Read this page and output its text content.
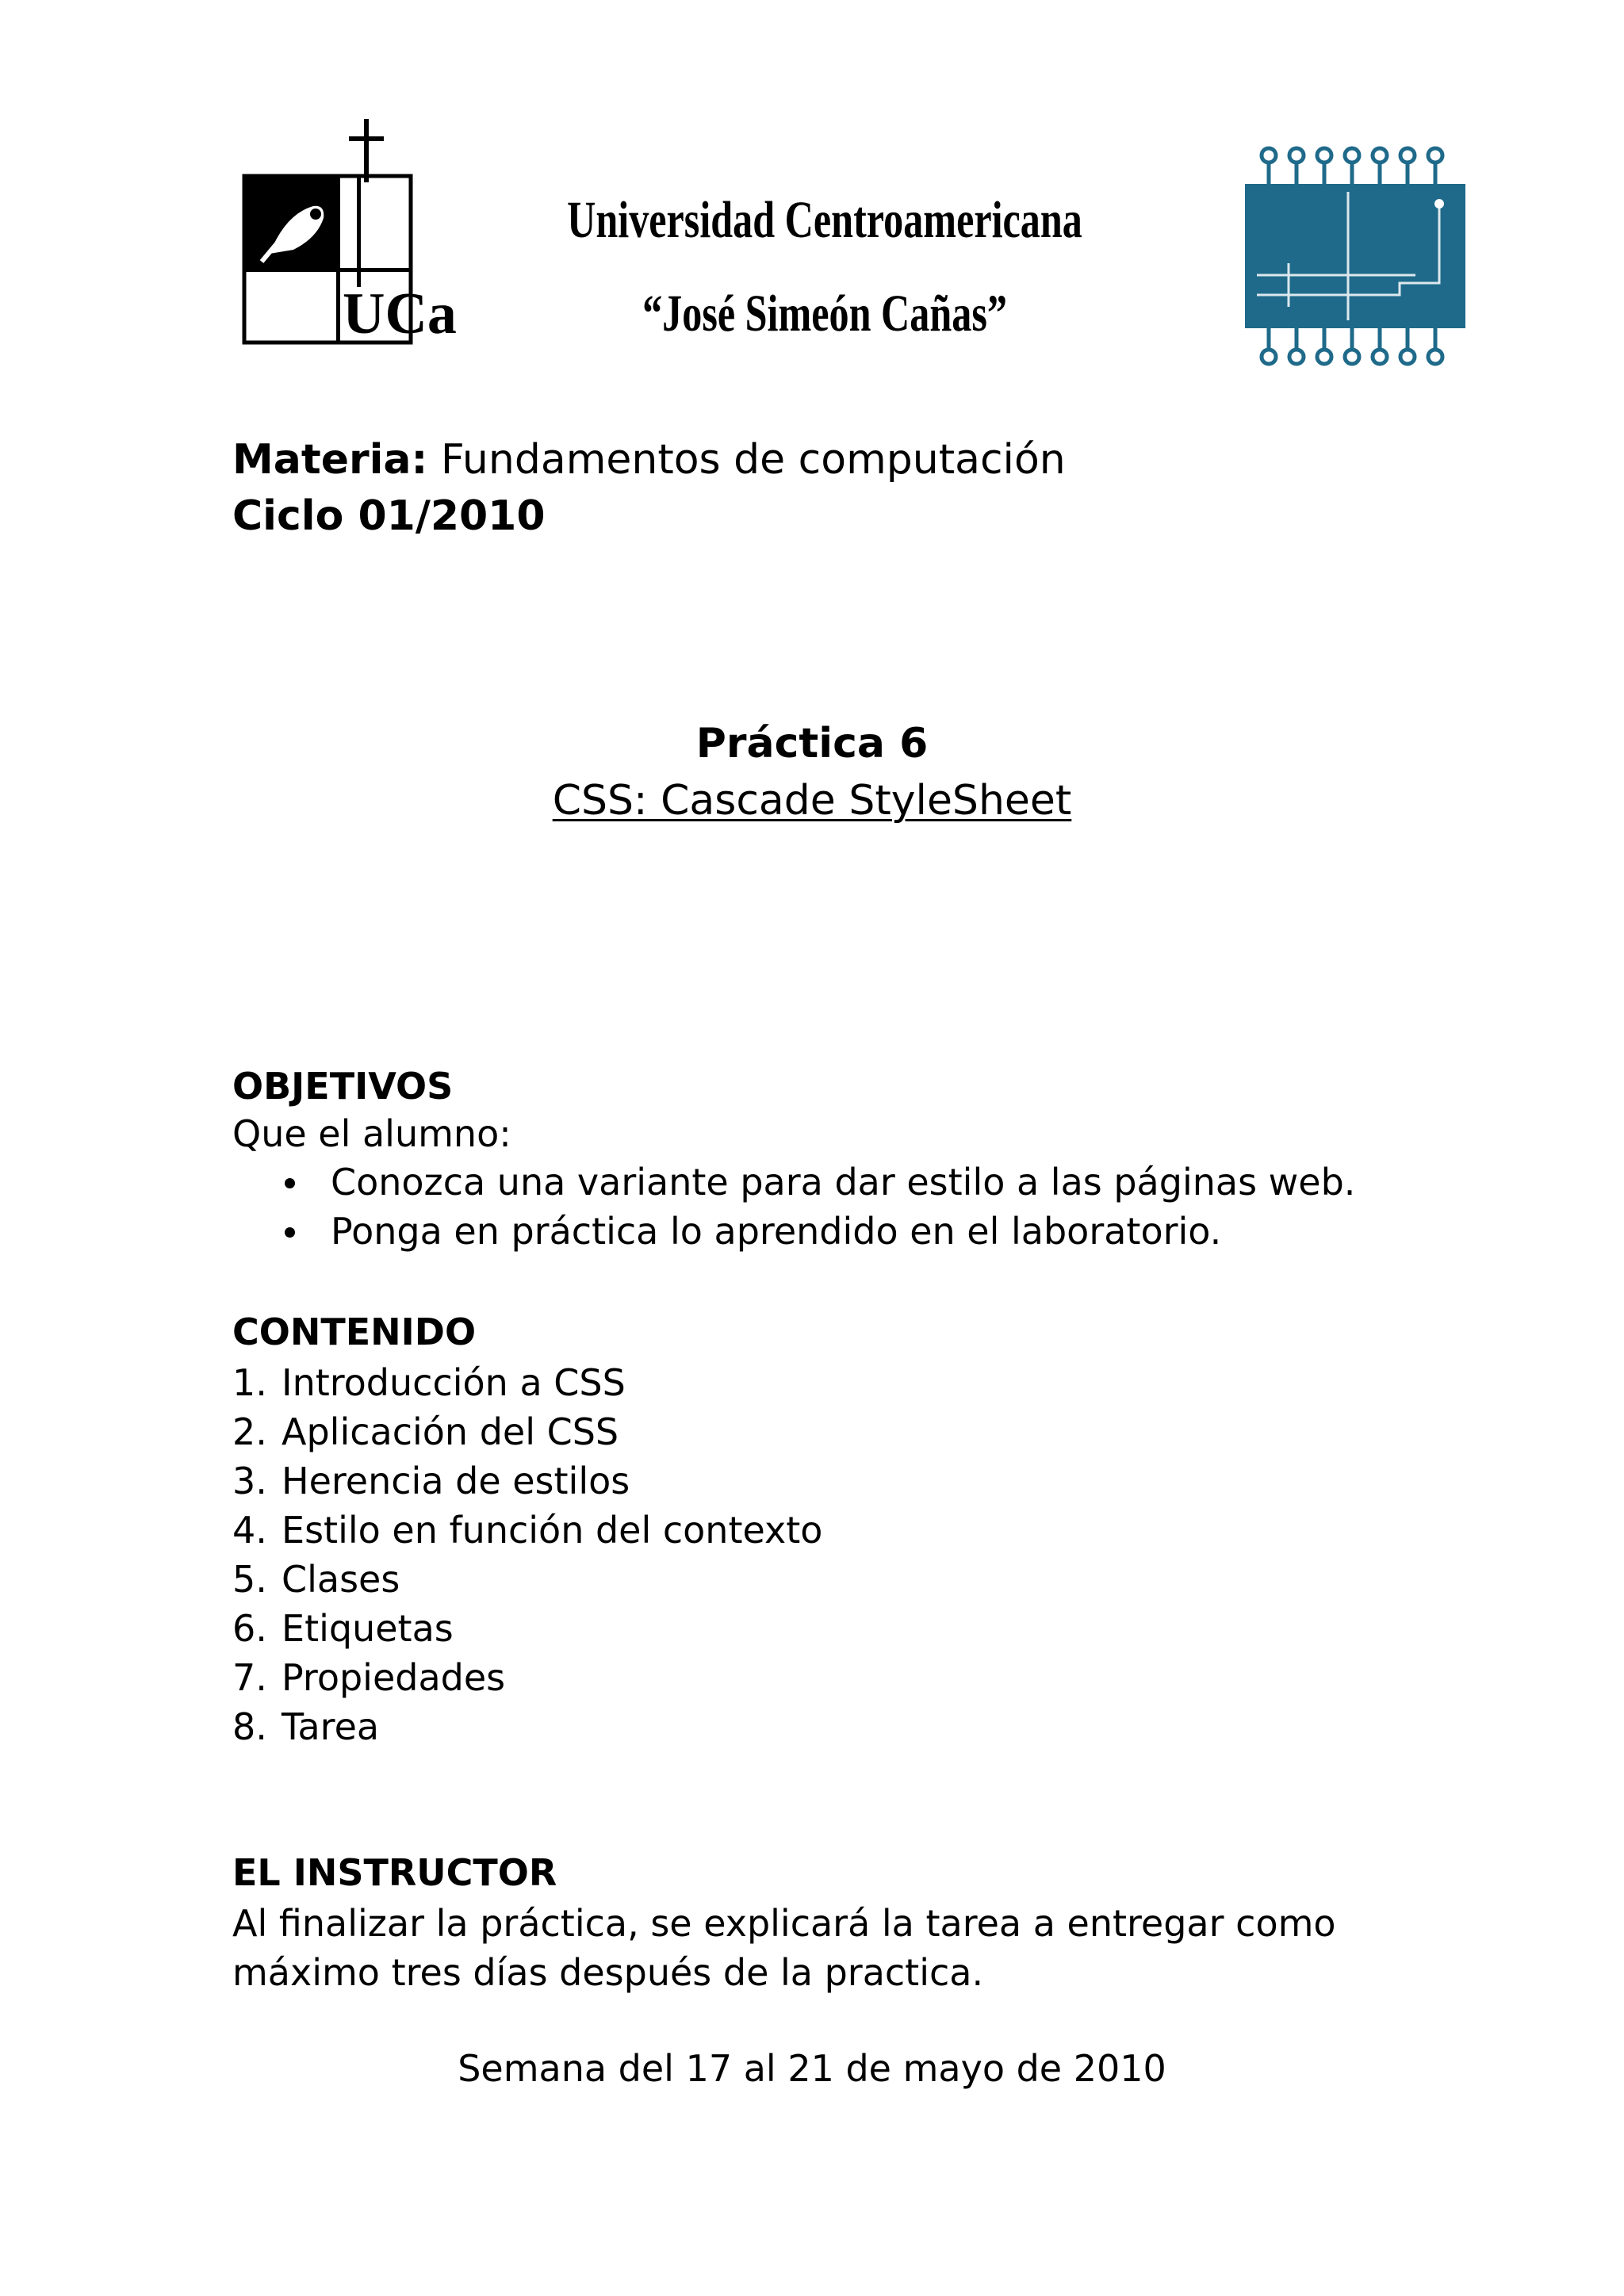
UCa
Universidad Centroamericana
“José Simeón Cañas”
Materia: Fundamentos de computación
Ciclo 01/2010
Práctica 6
CSS: Cascade StyleSheet
OBJETIVOS
Que el alumno:
Conozca una variante para dar estilo a las páginas web.
Ponga en práctica lo aprendido en el laboratorio.
CONTENIDO
1. Introducción a CSS
2. Aplicación del CSS
3. Herencia de estilos
4. Estilo en función del contexto
5. Clases
6. Etiquetas
7. Propiedades
8. Tarea
EL INSTRUCTOR
Al finalizar la práctica, se explicará la tarea a entregar como máximo tres días después de la practica.
Semana del 17 al 21 de mayo de 2010
